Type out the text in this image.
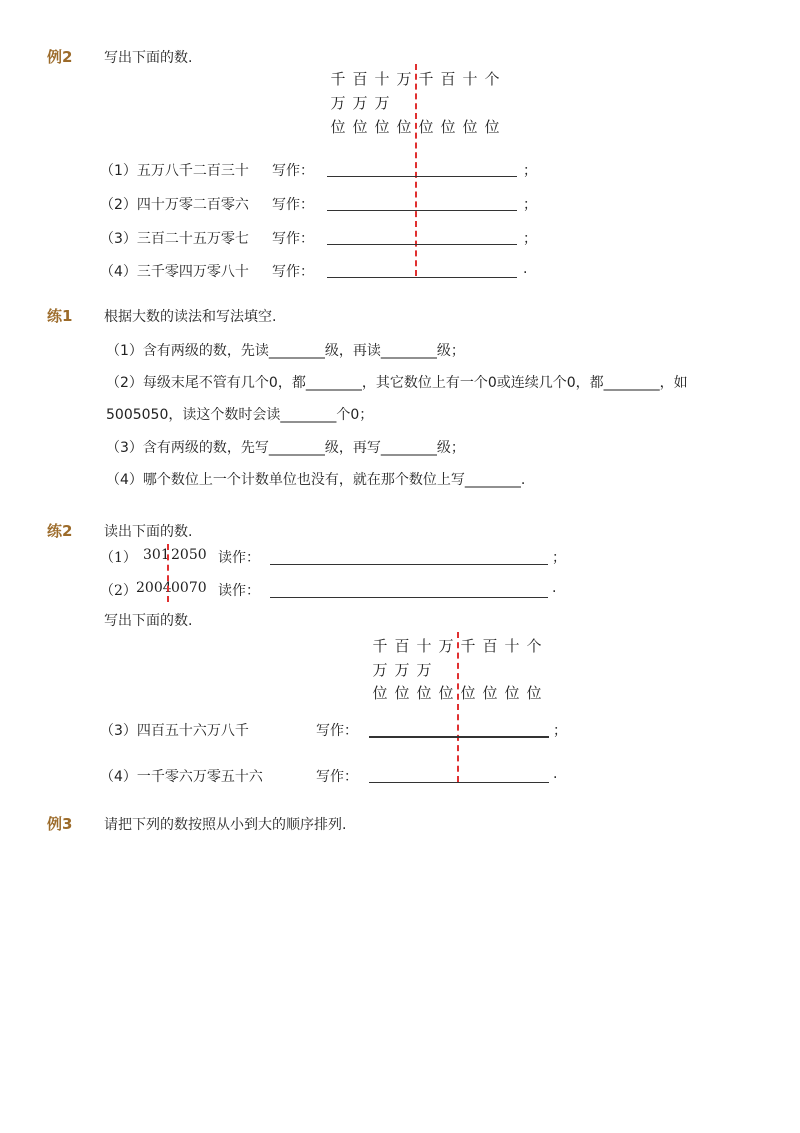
例2 写出下面的数.
千 百 十 万 千 百 十 个
万 万 万
位 位 位 位 位 位 位 位
（1）五万八千二百三十 写作：	；
（2）四十万零二百零六 写作：	；
（3）三百二十五万零七 写作：	；
（4）三千零四万零八十 写作：	.
练1 根据大数的读法和写法填空.
（1）含有两级的数，先读________级，再读________级；
（2）每级末尾不管有几个0，都________，其它数位上有一个0或连续几个0，都________，如
5005050，读这个数时会读________个0；
（3）含有两级的数，先写________级，再写________级；
（4）哪个数位上一个计数单位也没有，就在那个数位上写________.
练2 读出下面的数.
（1） 301 2050 读作：	；
（2） 2004 0070 读作：	.
写出下面的数.
千 百 十 万 千 百 十 个
万 万 万
位 位 位 位 位 位 位 位
（3）四百五十六万八千	写作：	；
（4）一千零六万零五十六	写作：	.
例3 请把下列的数按照从小到大的顺序排列.
